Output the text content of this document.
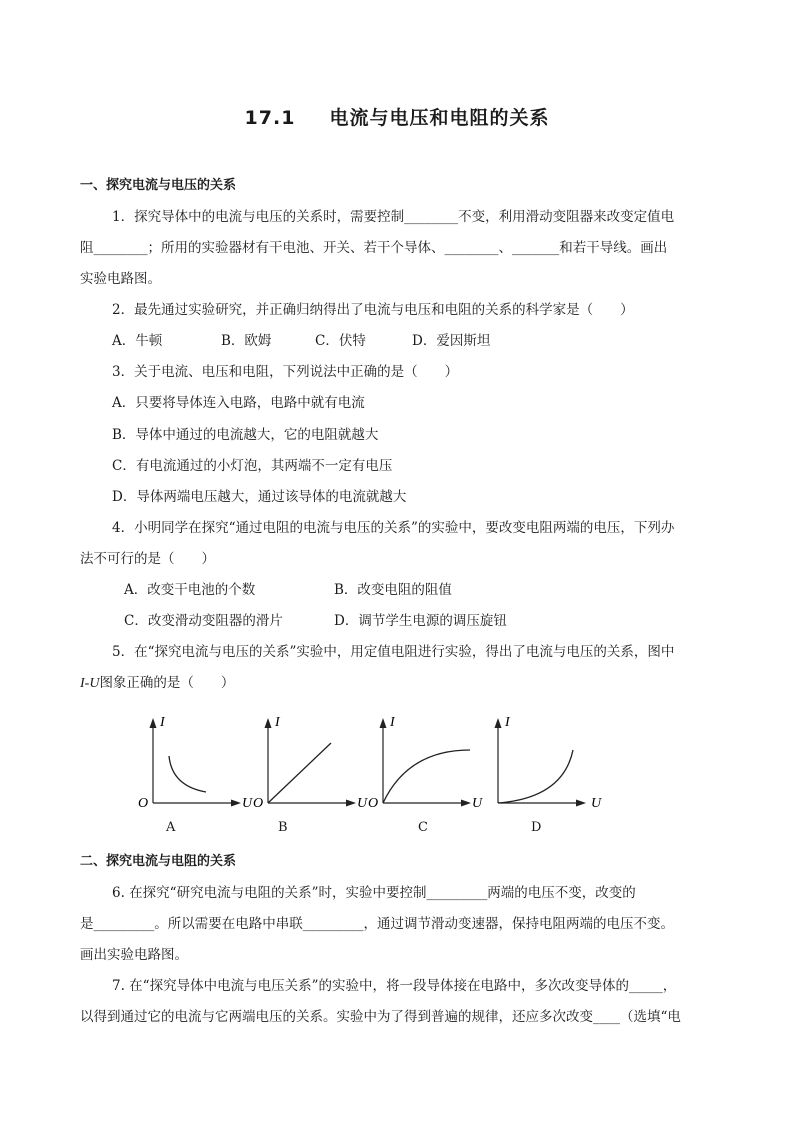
17.1 电流与电压和电阻的关系
一、探究电流与电压的关系
1．探究导体中的电流与电压的关系时，需要控制________不变，利用滑动变阻器来改变定值电
阻________；所用的实验器材有干电池、开关、若干个导体、________、_______和若干导线。画出
实验电路图。
2．最先通过实验研究，并正确归纳得出了电流与电压和电阻的关系的科学家是（　　）
A．牛顿	B．欧姆	C．伏特	D．爱因斯坦
3．关于电流、电压和电阻，下列说法中正确的是（　　）
A．只要将导体连入电路，电路中就有电流
B．导体中通过的电流越大，它的电阻就越大
C．有电流通过的小灯泡，其两端不一定有电压
D．导体两端电压越大，通过该导体的电流就越大
4．小明同学在探究“通过电阻的电流与电压的关系”的实验中，要改变电阻两端的电压，下列办
法不可行的是（　　）
A．改变干电池的个数	B．改变电阻的阻值
C．改变滑动变阻器的滑片	D．调节学生电源的调压旋钮
5．在“探究电流与电压的关系”实验中，用定值电阻进行实验，得出了电流与电压的关系，图中
I-U图象正确的是（　　）
I
U
O
A
I
U
O
B
I
U
O
C
I
U
D
二、探究电流与电阻的关系
6. 在探究“研究电流与电阻的关系”时，实验中要控制_________两端的电压不变，改变的
是_________。所以需要在电路中串联_________，通过调节滑动变速器，保持电阻两端的电压不变。
画出实验电路图。
7. 在“探究导体中电流与电压关系”的实验中，将一段导体接在电路中，多次改变导体的_____，
以得到通过它的电流与它两端电压的关系。实验中为了得到普遍的规律，还应多次改变____（选填“电
